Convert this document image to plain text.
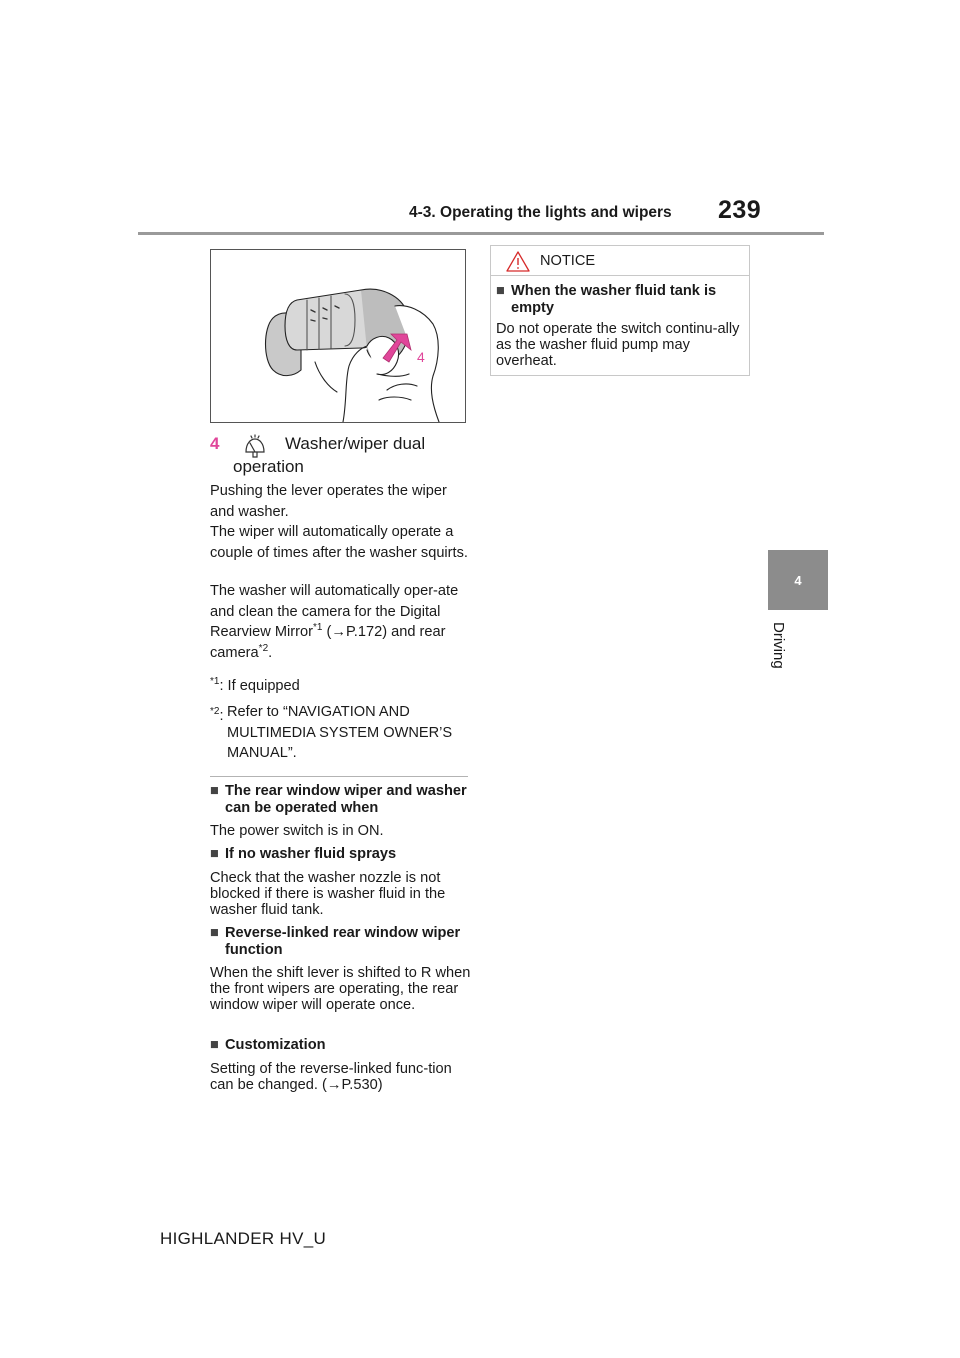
4-3. Operating the lights and wipers 239
4
Driving
4
4	Washer/wiper dual
operation
Pushing the lever operates the wiper and washer.
The wiper will automatically operate a couple of times after the washer squirts.
The washer will automatically oper-ate and clean the camera for the Digital Rearview Mirror$^{*1}$ (→P.172) and rear camera$^{*2}$.
$^{*1}$: If equipped
$^{*2}$: Refer to “NAVIGATION AND MULTIMEDIA SYSTEM OWNER’S MANUAL”.
■ The rear window wiper and washer can be operated when
The power switch is in ON.
■ If no washer fluid sprays
Check that the washer nozzle is not blocked if there is washer fluid in the washer fluid tank.
■ Reverse-linked rear window wiper function
When the shift lever is shifted to R when the front wipers are operating, the rear window wiper will operate once.
■ Customization
Setting of the reverse-linked func-tion can be changed. (→P.530)
NOTICE
■ When the washer fluid tank is empty
Do not operate the switch continu-ally as the washer fluid pump may overheat.
HIGHLANDER HV_U
